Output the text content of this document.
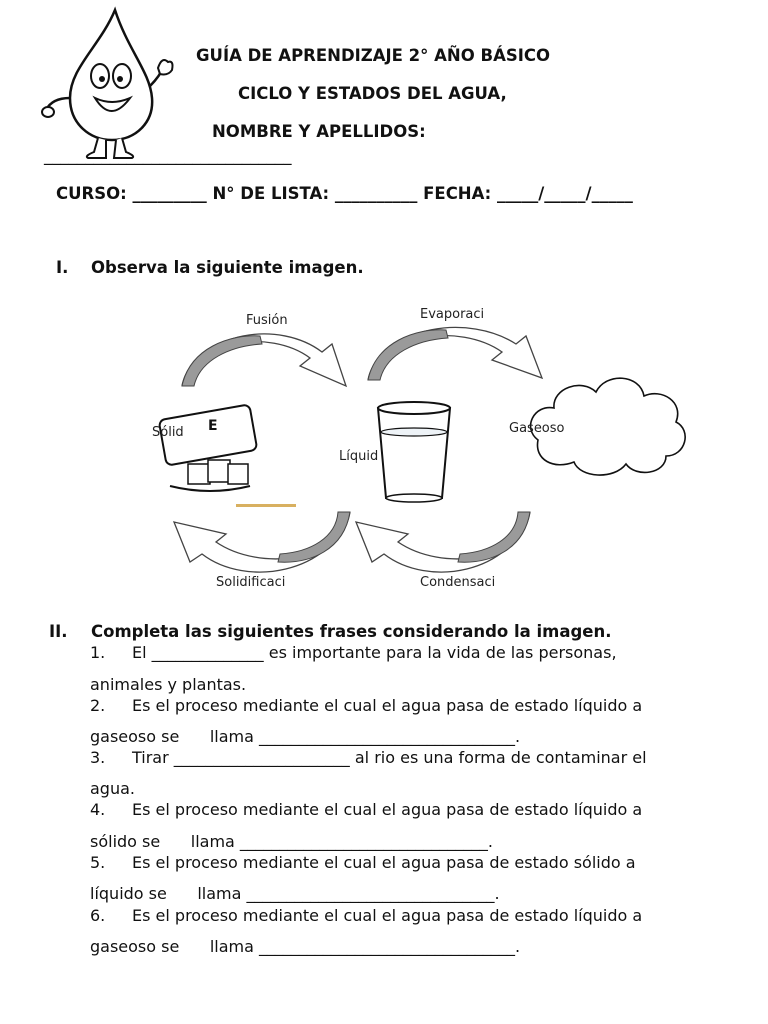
GUÍA DE APRENDIZAJE 2° AÑO BÁSICO
CICLO Y ESTADOS DEL AGUA,
NOMBRE Y APELLIDOS:
______________________________
CURSO: _________ N° DE LISTA: __________ FECHA: _____/_____/_____
I. Observa la siguiente imagen.
E
Fusión	Evaporaci
Sólid
Líquid
Gaseoso
Solidificaci	Condensaci
II. Completa las siguientes frases considerando la imagen.
1. El ______________ es importante para la vida de las personas,
animales y plantas.
2. Es el proceso mediante el cual el agua pasa de estado líquido a
gaseoso se      llama ________________________________.
3. Tirar ______________________ al rio es una forma de contaminar el
agua.
4. Es el proceso mediante el cual el agua pasa de estado líquido a
sólido se      llama _______________________________.
5. Es el proceso mediante el cual el agua pasa de estado sólido a
líquido se      llama _______________________________.
6. Es el proceso mediante el cual el agua pasa de estado líquido a
gaseoso se      llama ________________________________.
